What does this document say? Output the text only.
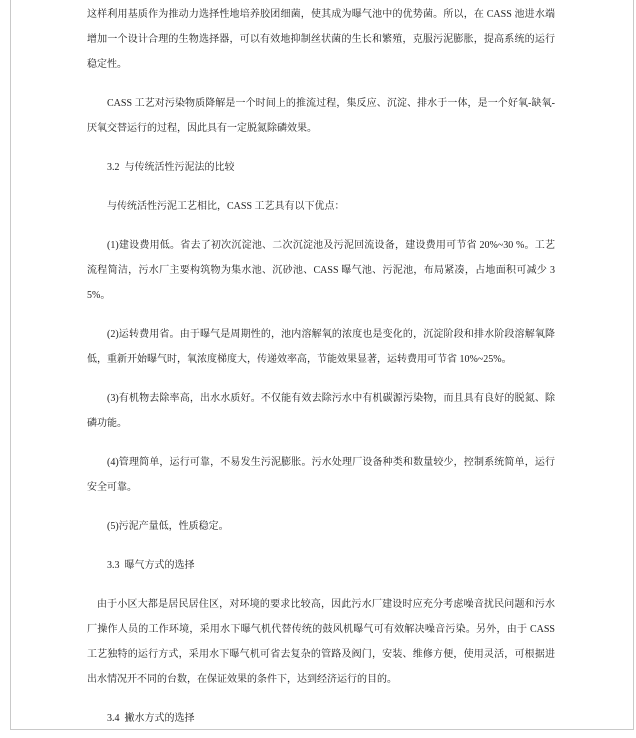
这样利用基质作为推动力选择性地培养胶团细菌，使其成为曝气池中的优势菌。所以，在 CASS 池进水端增加一个设计合理的生物选择器，可以有效地抑制丝状菌的生长和繁殖，克服污泥膨胀，提高系统的运行稳定性。
CASS 工艺对污染物质降解是一个时间上的推流过程，集反应、沉淀、排水于一体，是一个好氧-缺氧-厌氧交替运行的过程，因此具有一定脱氮除磷效果。
3.2  与传统活性污泥法的比较
与传统活性污泥工艺相比，CASS 工艺具有以下优点：
(1)建设费用低。省去了初次沉淀池、二次沉淀池及污泥回流设备，建设费用可节省 20%~30 %。工艺流程简洁，污水厂主要构筑物为集水池、沉砂池、CASS 曝气池、污泥池，布局紧凑，占地面积可减少 35%。
(2)运转费用省。由于曝气是周期性的，池内溶解氧的浓度也是变化的，沉淀阶段和排水阶段溶解氧降低，重新开始曝气时，氧浓度梯度大，传递效率高，节能效果显著，运转费用可节省 10%~25%。
(3)有机物去除率高，出水水质好。不仅能有效去除污水中有机碳源污染物，而且具有良好的脱氮、除磷功能。
(4)管理简单，运行可靠，不易发生污泥膨胀。污水处理厂设备种类和数量较少，控制系统简单，运行安全可靠。
(5)污泥产量低，性质稳定。
3.3  曝气方式的选择
由于小区大都是居民居住区，对环境的要求比较高，因此污水厂建设时应充分考虑噪音扰民问题和污水厂操作人员的工作环境，采用水下曝气机代替传统的鼓风机曝气可有效解决噪音污染。另外，由于 CASS 工艺独特的运行方式，采用水下曝气机可省去复杂的管路及阀门，安装、维修方便，使用灵活，可根据进出水情况开不同的台数，在保证效果的条件下，达到经济运行的目的。
3.4  撇水方式的选择
